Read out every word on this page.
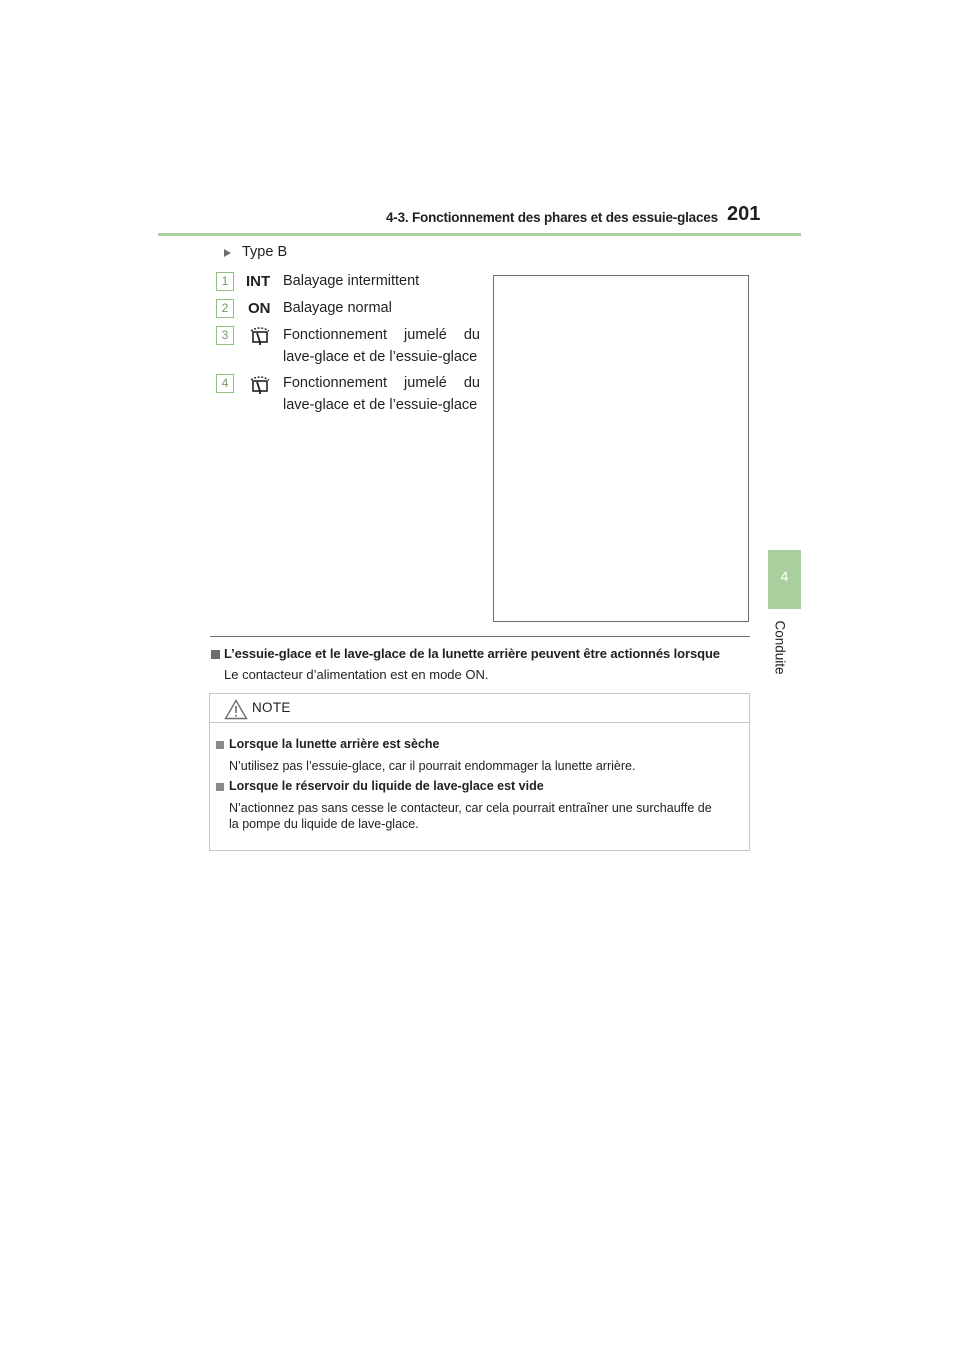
4-3. Fonctionnement des phares et des essuie-glaces 201
4
Conduite
Type B
1	INT Balayage intermittent
2	ON Balayage normal
3	Fonctionnement jumelé du lave-glace et de l’essuie-glace
4	Fonctionnement jumelé du lave-glace et de l’essuie-glace
L’essuie-glace et le lave-glace de la lunette arrière peuvent être actionnés lorsque
Le contacteur d’alimentation est en mode ON.
NOTE
Lorsque la lunette arrière est sèche
N’utilisez pas l’essuie-glace, car il pourrait endommager la lunette arrière.
Lorsque le réservoir du liquide de lave-glace est vide
N’actionnez pas sans cesse le contacteur, car cela pourrait entraîner une surchauffe de
la pompe du liquide de lave-glace.
